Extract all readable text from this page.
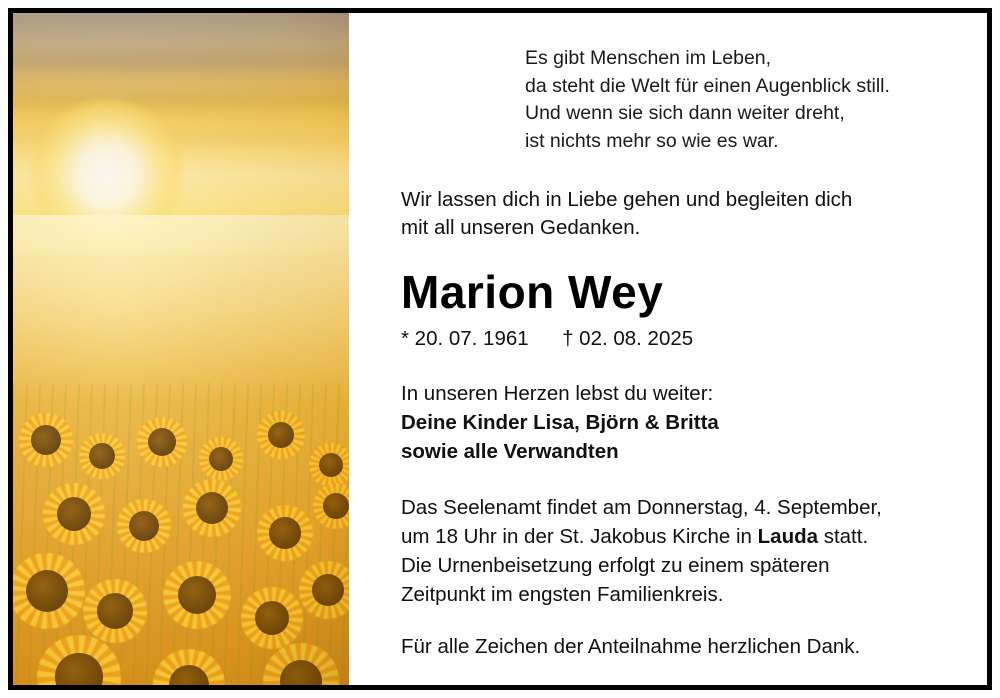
Es gibt Menschen im Leben,
da steht die Welt für einen Augenblick still.
Und wenn sie sich dann weiter dreht,
ist nichts mehr so wie es war.
Wir lassen dich in Liebe gehen und begleiten dich
mit all unseren Gedanken.
Marion Wey
* 20. 07. 1961 † 02. 08. 2025
In unseren Herzen lebst du weiter:
Deine Kinder Lisa, Björn & Britta
sowie alle Verwandten
Das Seelenamt findet am Donnerstag, 4. September,
um 18 Uhr in der St. Jakobus Kirche in Lauda statt.
Die Urnenbeisetzung erfolgt zu einem späteren
Zeitpunkt im engsten Familienkreis.
Für alle Zeichen der Anteilnahme herzlichen Dank.
